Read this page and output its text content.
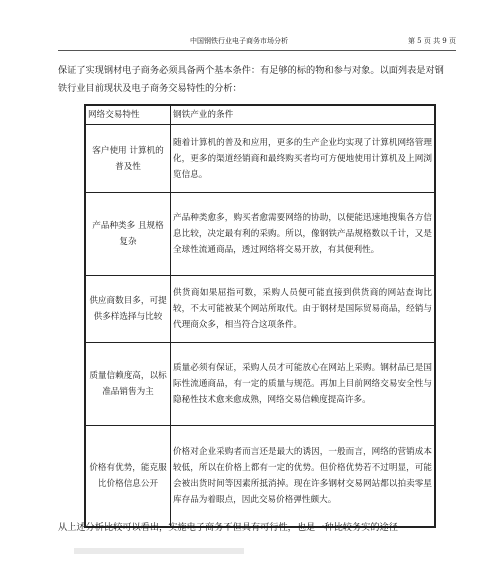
中国钢铁行业电子商务市场分析	第 5 页 共 9 页

保证了实现钢材电子商务必须具备两个基本条件：有足够的标的物和参与对象。以面列表是对钢铁行业目前现状及电子商务交易特性的分析：

网络交易特性	钢铁产业的条件
客户使用 计算机的普及性	随着计算机的普及和应用，更多的生产企业均实现了计算机网络管理化，更多的渠道经销商和最终购买者均可方便地使用计算机及上网浏览信息。
产品种类多 且规格复杂	产品种类愈多，购买者愈需要网络的协助，以便能迅速地搜集各方信息比较，决定最有利的采购。所以，像钢铁产品规格数以千计，又是全球性流通商品，透过网络将交易开放，有其便利性。
供应商数目多，可提供多样选择与比较	供货商如果屈指可数，采购人员便可能直接到供货商的网站查询比较，不太可能被某个网站所取代。由于钢材是国际贸易商品，经销与代理商众多，相当符合这项条件。
质量信赖度高，以标准品销售为主	质量必须有保证，采购人员才可能放心在网站上采购。钢材品已是国际性流通商品，有一定的质量与规范。再加上目前网络交易安全性与隐秘性技术愈来愈成熟，网络交易信赖度提高许多。
价格有优势，能克服比价格信息公开	价格对企业采购者而言还是最大的诱因，一般而言，网络的营销成本较低，所以在价格上都有一定的优势。但价格优势若不过明显，可能会被出货时间等因素所抵消掉。现在许多钢材交易网站都以拍卖零星库存品为着眼点，因此交易价格弹性颇大。

从上述分析比较可以看出，实施电子商务不但具有可行性，也是一种比较务实的途径
